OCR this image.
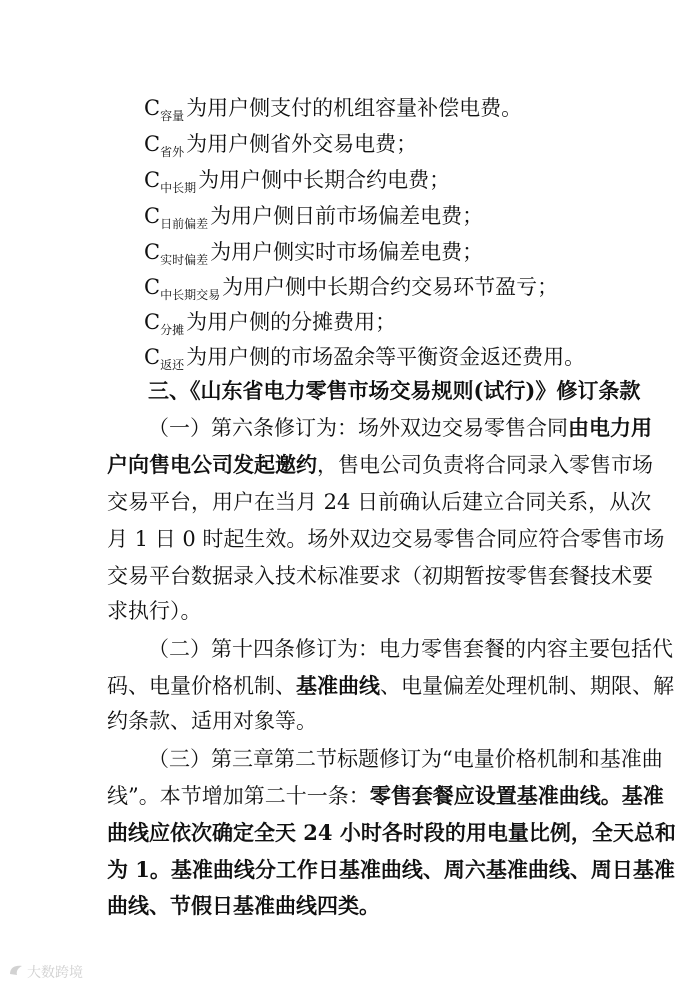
$C_{容量}$为用户侧支付的机组容量补偿电费。
$C_{省外}$为用户侧省外交易电费；
$C_{中长期}$为用户侧中长期合约电费；
$C_{日前偏差}$为用户侧日前市场偏差电费；
$C_{实时偏差}$为用户侧实时市场偏差电费；
$C_{中长期交易}$为用户侧中长期合约交易环节盈亏；
$C_{分摊}$为用户侧的分摊费用；
$C_{返还}$为用户侧的市场盈余等平衡资金返还费用。
三、《山东省电力零售市场交易规则(试行)》修订条款
（一）第六条修订为：场外双边交易零售合同由电力用
户向售电公司发起邀约，售电公司负责将合同录入零售市场
交易平台，用户在当月 24 日前确认后建立合同关系，从次
月 1 日 0 时起生效。场外双边交易零售合同应符合零售市场
交易平台数据录入技术标准要求（初期暂按零售套餐技术要
求执行）。
（二）第十四条修订为：电力零售套餐的内容主要包括代
码、电量价格机制、基准曲线、电量偏差处理机制、期限、解
约条款、适用对象等。
（三）第三章第二节标题修订为“电量价格机制和基准曲
线”。本节增加第二十一条：零售套餐应设置基准曲线。基准
曲线应依次确定全天 24 小时各时段的用电量比例，全天总和
为 1。基准曲线分工作日基准曲线、周六基准曲线、周日基准
曲线、节假日基准曲线四类。
大数跨境
